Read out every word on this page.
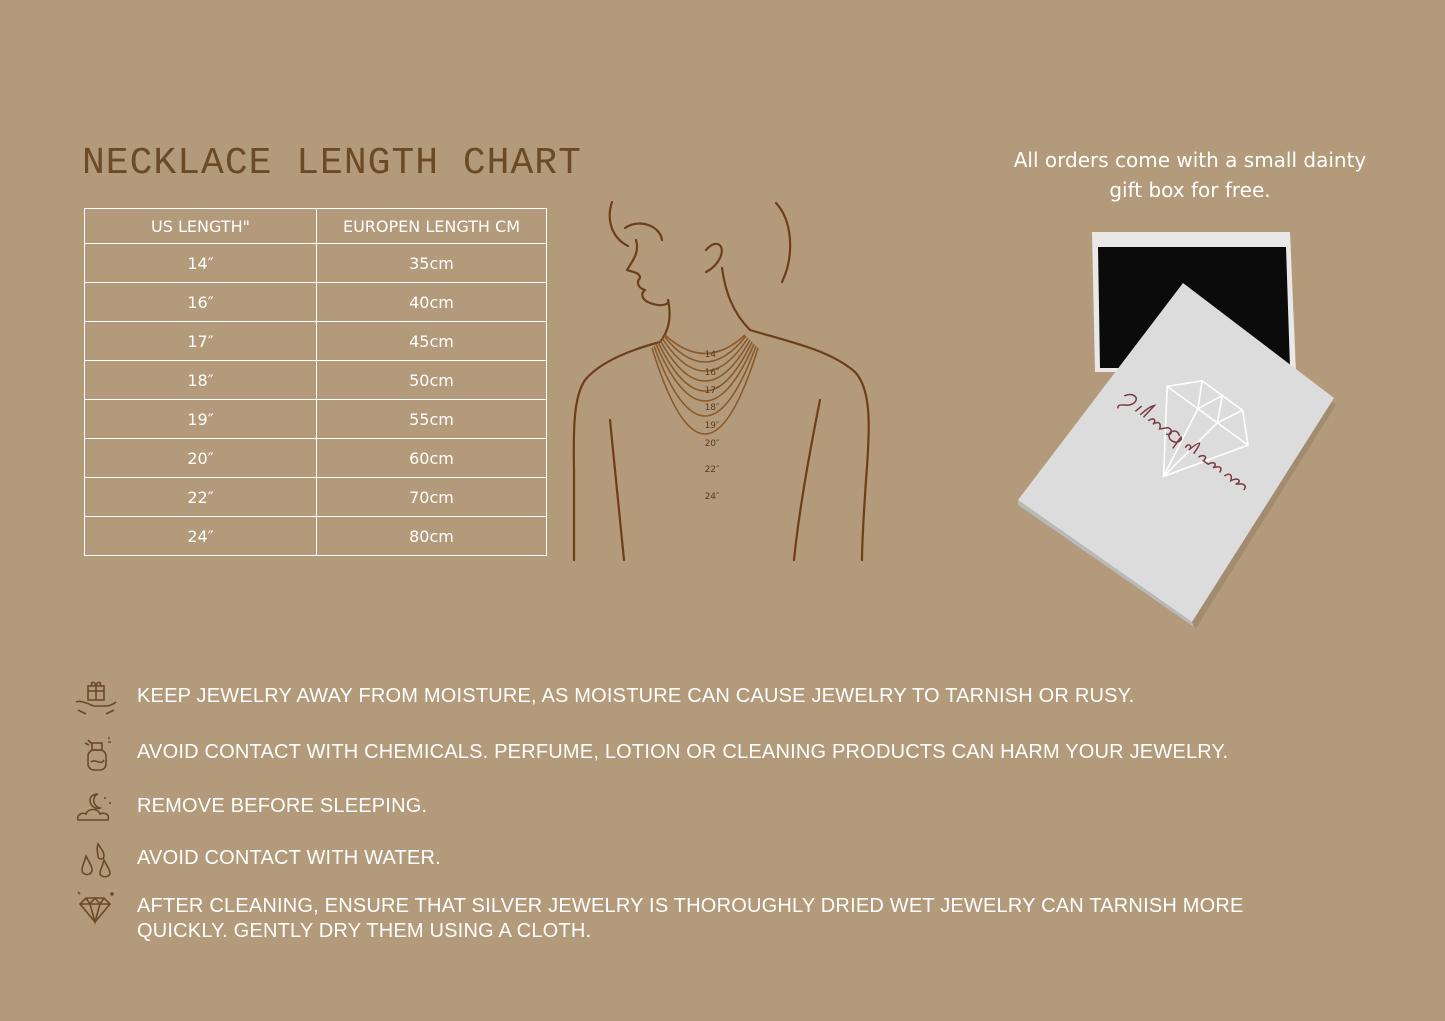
NECKLACE LENGTH CHART
US LENGTH"	EUROPEN LENGTH CM
14″	35cm
16″	40cm
17″	45cm
18″	50cm
19″	55cm
20″	60cm
22″	70cm
24″	80cm
14″
16″
17″
18″
19″
20″
22″
24″
All orders come with a small dainty
gift box for free.
KEEP JEWELRY AWAY FROM MOISTURE, AS MOISTURE CAN CAUSE JEWELRY TO TARNISH OR RUSY.
AVOID CONTACT WITH CHEMICALS. PERFUME, LOTION OR CLEANING PRODUCTS CAN HARM YOUR JEWELRY.
REMOVE BEFORE SLEEPING.
AVOID CONTACT WITH WATER.
AFTER CLEANING, ENSURE THAT SILVER JEWELRY IS THOROUGHLY DRIED WET JEWELRY CAN TARNISH MORE QUICKLY. GENTLY DRY THEM USING A CLOTH.
